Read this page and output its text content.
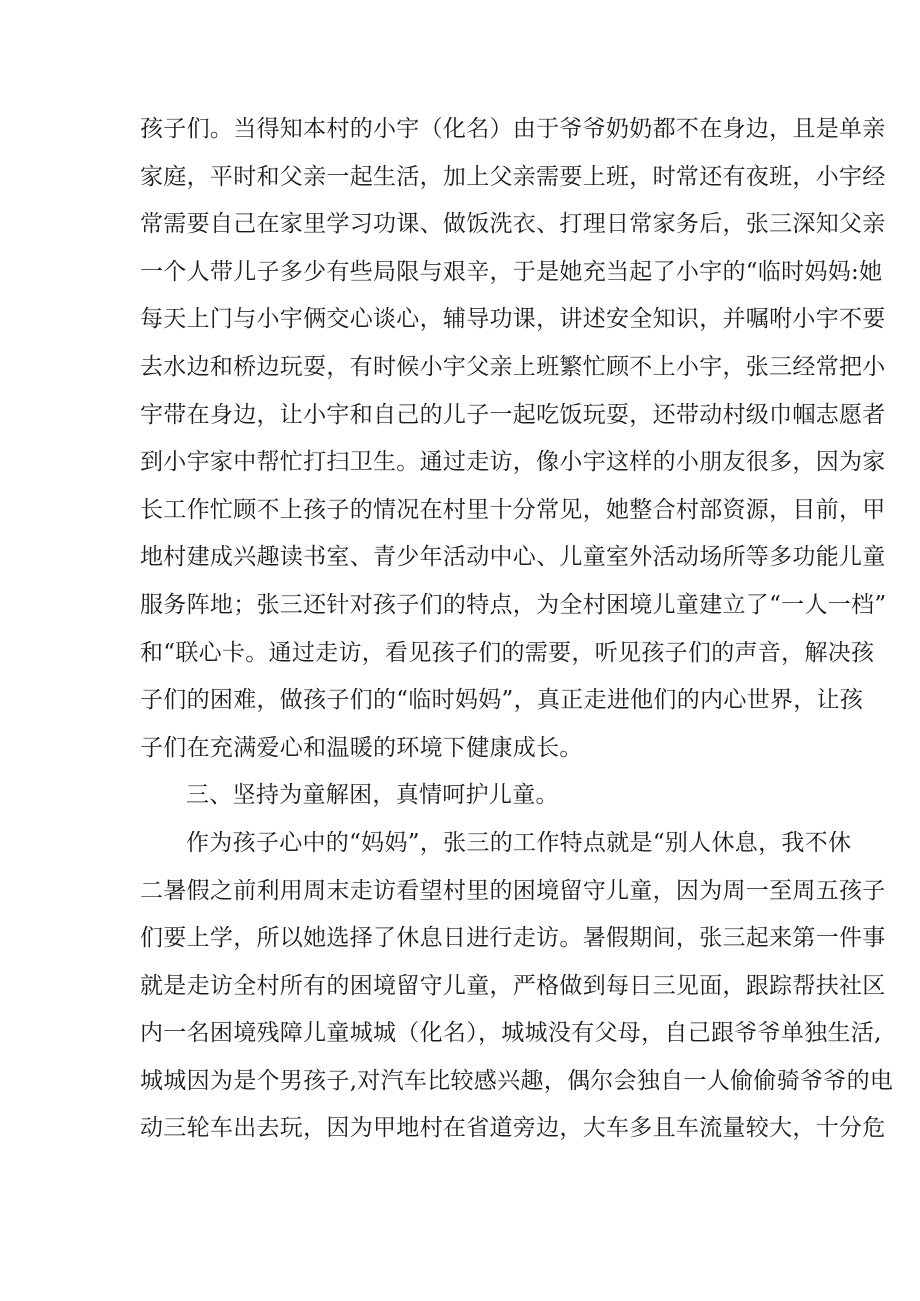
孩子们。当得知本村的小宇（化名）由于爷爷奶奶都不在身边，且是单亲
家庭，平时和父亲一起生活，加上父亲需要上班，时常还有夜班，小宇经
常需要自己在家里学习功课、做饭洗衣、打理日常家务后，张三深知父亲
一个人带儿子多少有些局限与艰辛，于是她充当起了小宇的“临时妈妈:她
每天上门与小宇俩交心谈心，辅导功课，讲述安全知识，并嘱咐小宇不要
去水边和桥边玩耍，有时候小宇父亲上班繁忙顾不上小宇，张三经常把小
宇带在身边，让小宇和自己的儿子一起吃饭玩耍，还带动村级巾帼志愿者
到小宇家中帮忙打扫卫生。通过走访，像小宇这样的小朋友很多，因为家
长工作忙顾不上孩子的情况在村里十分常见，她整合村部资源，目前，甲
地村建成兴趣读书室、青少年活动中心、儿童室外活动场所等多功能儿童
服务阵地；张三还针对孩子们的特点，为全村困境儿童建立了“一人一档”
和“联心卡。通过走访，看见孩子们的需要，听见孩子们的声音，解决孩
子们的困难，做孩子们的“临时妈妈”，真正走进他们的内心世界，让孩
子们在充满爱心和温暖的环境下健康成长。
三、坚持为童解困，真情呵护儿童。
作为孩子心中的“妈妈”，张三的工作特点就是“别人休息，我不休
二暑假之前利用周末走访看望村里的困境留守儿童，因为周一至周五孩子
们要上学，所以她选择了休息日进行走访。暑假期间，张三起来第一件事
就是走访全村所有的困境留守儿童，严格做到每日三见面，跟踪帮扶社区
内一名困境残障儿童城城（化名），城城没有父母，自己跟爷爷单独生活,
城城因为是个男孩子,对汽车比较感兴趣，偶尔会独自一人偷偷骑爷爷的电
动三轮车出去玩，因为甲地村在省道旁边，大车多且车流量较大，十分危
